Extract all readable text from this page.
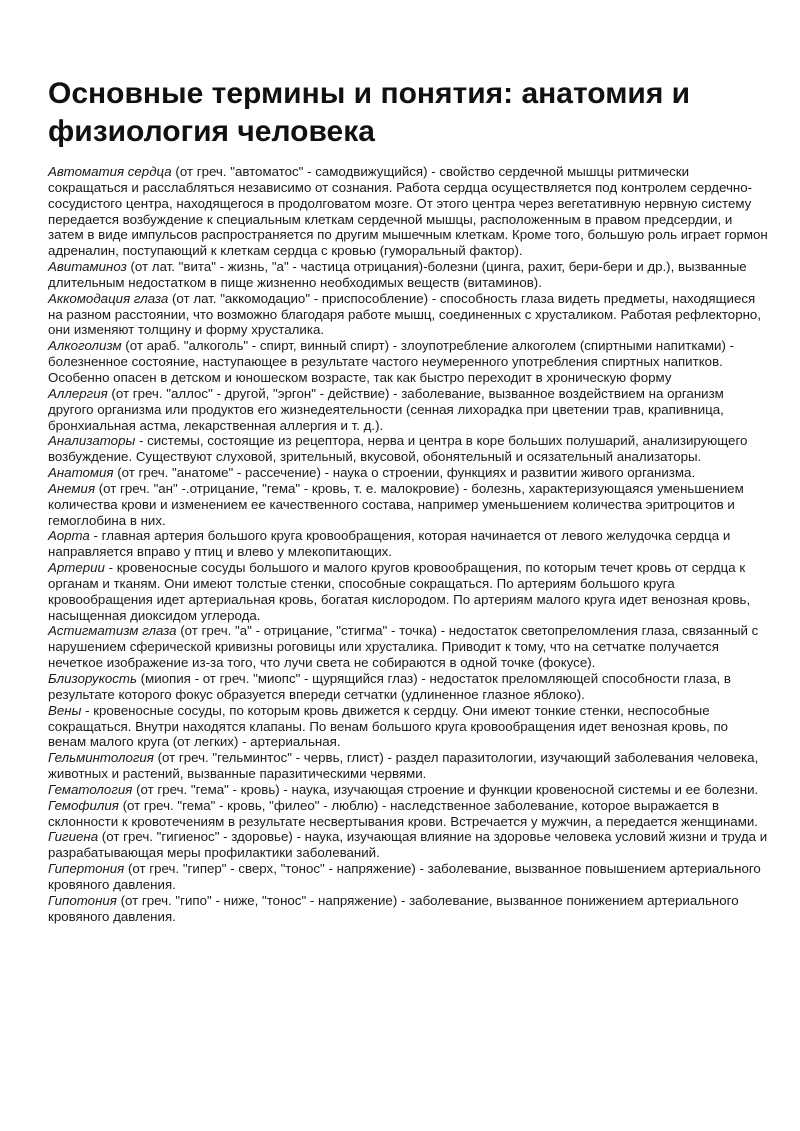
Основные термины и понятия: анатомия и физиология человека

Автоматия сердца (от греч. "автоматос" - самодвижущийся) - свойство сердечной мышцы ритмически сокращаться и расслабляться независимо от сознания. Работа сердца осуществляется под контролем сердечно-сосудистого центра, находящегося в продолговатом мозге. От этого центра через вегетативную нервную систему передается возбуждение к специальным клеткам сердечной мышцы, расположенным в правом предсердии, и затем в виде импульсов распространяется по другим мышечным клеткам. Кроме того, большую роль играет гормон адреналин, поступающий к клеткам сердца с кровью (гуморальный фактор).

Авитаминоз (от лат. "вита" - жизнь, "а" - частица отрицания)-болезни (цинга, рахит, бери-бери и др.), вызванные длительным недостатком в пище жизненно необходимых веществ (витаминов).

Аккомодация глаза (от лат. "аккомодацио" - приспособление) - способность глаза видеть предметы, находящиеся на разном расстоянии, что возможно благодаря работе мышц, соединенных с хрусталиком. Работая рефлекторно, они изменяют толщину и форму хрусталика.

Алкоголизм (от араб. "алкоголь" - спирт, винный спирт) - злоупотребление алкоголем (спиртными напитками) - болезненное состояние, наступающее в результате частого неумеренного употребления спиртных напитков. Особенно опасен в детском и юношеском возрасте, так как быстро переходит в хроническую форму

Аллергия (от греч. "аллос" - другой, "эргон" - действие) - заболевание, вызванное воздействием на организм другого организма или продуктов его жизнедеятельности (сенная лихорадка при цветении трав, крапивница, бронхиальная астма, лекарственная аллергия и т. д.).

Анализаторы - системы, состоящие из рецептора, нерва и центра в коре больших полушарий, анализирующего возбуждение. Существуют слуховой, зрительный, вкусовой, обонятельный и осязательный анализаторы.

Анатомия (от греч. "анатоме" - рассечение) - наука о строении, функциях и развитии живого организма.

Анемия (от греч. "ан" -.отрицание, "гема" - кровь, т. е. малокровие) - болезнь, характеризующаяся уменьшением количества крови и изменением ее качественного состава, например уменьшением количества эритроцитов и гемоглобина в них.

Аорта - главная артерия большого круга кровообращения, которая начинается от левого желудочка сердца и направляется вправо у птиц и влево у млекопитающих.

Артерии - кровеносные сосуды большого и малого кругов кровообращения, по которым течет кровь от сердца к органам и тканям. Они имеют толстые стенки, способные сокращаться. По артериям большого круга кровообращения идет артериальная кровь, богатая кислородом. По артериям малого круга идет венозная кровь, насыщенная диоксидом углерода.

Астигматизм глаза (от греч. "а" - отрицание, "стигма" - точка) - недостаток светопреломления глаза, связанный с нарушением сферической кривизны роговицы или хрусталика. Приводит к тому, что на сетчатке получается нечеткое изображение из-за того, что лучи света не собираются в одной точке (фокусе).

Близорукость (миопия - от греч. "миопс" - щурящийся глаз) - недостаток преломляющей способности глаза, в результате которого фокус образуется впереди сетчатки (удлиненное глазное яблоко).

Вены - кровеносные сосуды, по которым кровь движется к сердцу. Они имеют тонкие стенки, неспособные сокращаться. Внутри находятся клапаны. По венам большого круга кровообращения идет венозная кровь, по венам малого круга (от легких) - артериальная.

Гельминтология (от греч. "гельминтос" - червь, глист) - раздел паразитологии, изучающий заболевания человека, животных и растений, вызванные паразитическими червями.

Гематология (от греч. "гема" - кровь) - наука, изучающая строение и функции кровеносной системы и ее болезни.

Гемофилия (от греч. "гема" - кровь, "филео" - люблю) - наследственное заболевание, которое выражается в склонности к кровотечениям в результате несвертывания крови. Встречается у мужчин, а передается женщинами.

Гигиена (от греч. "гигиенос" - здоровье) - наука, изучающая влияние на здоровье человека условий жизни и труда и разрабатывающая меры профилактики заболеваний.

Гипертония (от греч. "гипер" - сверх, "тонос" - напряжение) - заболевание, вызванное повышением артериального кровяного давления.

Гипотония (от греч. "гипо" - ниже, "тонос" - напряжение) - заболевание, вызванное понижением артериального кровяного давления.
